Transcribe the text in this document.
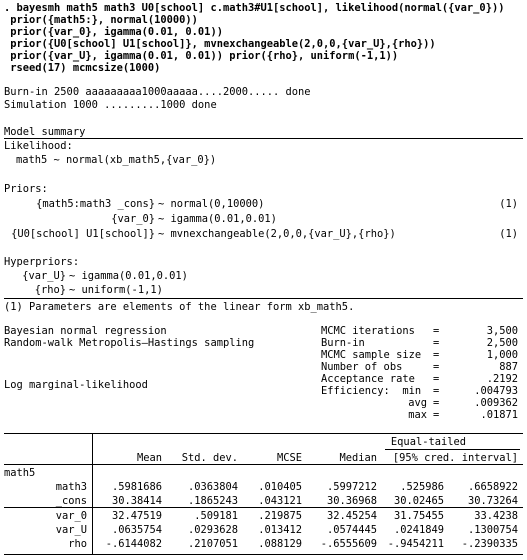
. bayesmh math5 math3 U0[school] c.math3#U1[school], likelihood(normal({var_0}))
prior({math5:}, normal(10000))
prior({var_0}, igamma(0.01, 0.01))
prior({U0[school] U1[school]}, mvnexchangeable(2,0,0,{var_U},{rho}))
prior({var_U}, igamma(0.01, 0.01)) prior({rho}, uniform(-1,1))
rseed(17) mcmcsize(1000)
Burn-in 2500 aaaaaaaaa1000aaaaa....2000..... done
Simulation 1000 .........1000 done
Model summary
Likelihood:
math5 ~ normal(xb_math5,{var_0})
Priors:
{math5:math3 _cons} ~ normal(0,10000)	(1)
{var_0} ~ igamma(0.01,0.01)
{U0[school] U1[school]} ~ mvnexchangeable(2,0,0,{var_U},{rho})	(1)
Hyperpriors:
{var_U} ~ igamma(0.01,0.01)
{rho} ~ uniform(-1,1)
(1) Parameters are elements of the linear form xb_math5.
Bayesian normal regression
Random-walk Metropolis–Hastings sampling
Log marginal-likelihood
MCMC iterations =	3,500
Burn-in	=	2,500
MCMC sample size =	1,000
Number of obs	=	887
Acceptance rate =	.2192
Efficiency:  min =	.004793
avg =	.009362
max =	.01871
Equal-tailed
Mean	Std. dev.	MCSE	Median	[95% cred. interval]
math5
math3	.5981686	.0363804	.010405	.5997212	.525986	.6658922
_cons	30.38414	.1865243	.043121	30.36968	30.02465	30.73264
var_0	32.47519	.509181	.219875	32.45254	31.75455	33.4238
var_U	.0635754	.0293628	.013412	.0574445	.0241849	.1300754
rho	-.6144082	.2107051	.088129	-.6555609	-.9454211	-.2390335
